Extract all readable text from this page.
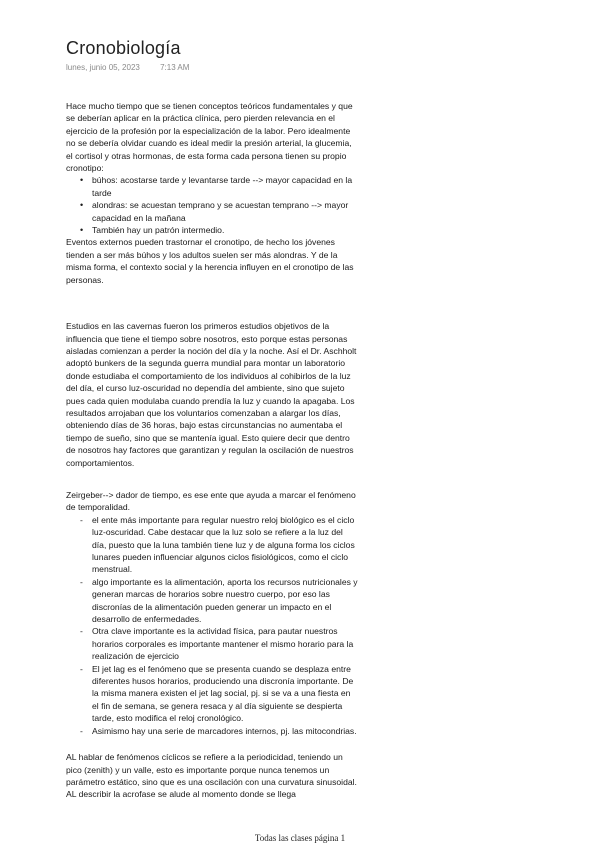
Cronobiología
lunes, junio 05, 2023	7:13 AM

Hace mucho tiempo que se tienen conceptos teóricos fundamentales y que se deberían aplicar en la práctica clínica, pero pierden relevancia en el ejercicio de la profesión por la especialización de la labor. Pero idealmente no se debería olvidar cuando es ideal medir la presión arterial, la glucemia, el cortisol y otras hormonas, de esta forma cada persona tienen su propio cronotipo:

• búhos: acostarse tarde y levantarse tarde --> mayor capacidad en la tarde
• alondras: se acuestan temprano y se acuestan temprano --> mayor capacidad en la mañana
• También hay un patrón intermedio.

Eventos externos pueden trastornar el cronotipo, de hecho los jóvenes tienden a ser más búhos y los adultos suelen ser más alondras. Y de la misma forma, el contexto social y la herencia influyen en el cronotipo de las personas.

Estudios en las cavernas fueron los primeros estudios objetivos de la influencia que tiene el tiempo sobre nosotros, esto porque estas personas aisladas comienzan a perder la noción del día y la noche. Así el Dr. Aschholt adoptó bunkers de la segunda guerra mundial para montar un laboratorio donde estudiaba el comportamiento de los individuos al cohibirlos de la luz del día, el curso luz-oscuridad no dependía del ambiente, sino que sujeto pues cada quien modulaba cuando prendía la luz y cuando la apagaba. Los resultados arrojaban que los voluntarios comenzaban a alargar los días, obteniendo días de 36 horas, bajo estas circunstancias no aumentaba el tiempo de sueño, sino que se mantenía igual. Esto quiere decir que dentro de nosotros hay factores que garantizan y regulan la oscilación de nuestros comportamientos.

Zeirgeber--> dador de tiempo, es ese ente que ayuda a marcar el fenómeno de temporalidad.

- el ente más importante para regular nuestro reloj biológico es el ciclo luz-oscuridad. Cabe destacar que la luz solo se refiere a la luz del día, puesto que la luna también tiene luz y de alguna forma los ciclos lunares pueden influenciar algunos ciclos fisiológicos, como el ciclo menstrual.
- algo importante es la alimentación, aporta los recursos nutricionales y generan marcas de horarios sobre nuestro cuerpo, por eso las discronías de la alimentación pueden generar un impacto en el desarrollo de enfermedades.
- Otra clave importante es la actividad física, para pautar nuestros horarios corporales es importante mantener el mismo horario para la realización de ejercicio
- El jet lag es el fenómeno que se presenta cuando se desplaza entre diferentes husos horarios, produciendo una discronía importante. De la misma manera existen el jet lag social, pj. si se va a una fiesta en el fin de semana, se genera resaca y al día siguiente se despierta tarde, esto modifica el reloj cronológico.
- Asimismo hay una serie de marcadores internos, pj. las mitocondrias.

AL hablar de fenómenos cíclicos se refiere a la periodicidad, teniendo un pico (zenith) y un valle, esto es importante porque nunca tenemos un parámetro estático, sino que es una oscilación con una curvatura sinusoidal. AL describir la acrofase se alude al momento donde se llega

Todas las clases página 1
